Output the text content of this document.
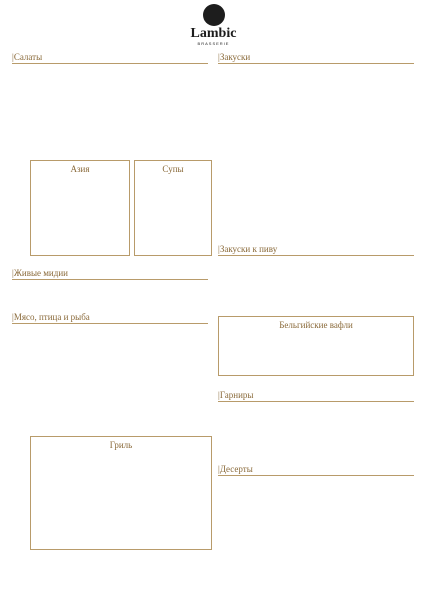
Lambic
BRASSERIE
|Салаты	|Закуски
Азия	Супы
|Живые мидии
|Закуски к пиву
|Мясо, птица и рыба
Бельгийские вафли
|Гарниры
Гриль
|Десерты
